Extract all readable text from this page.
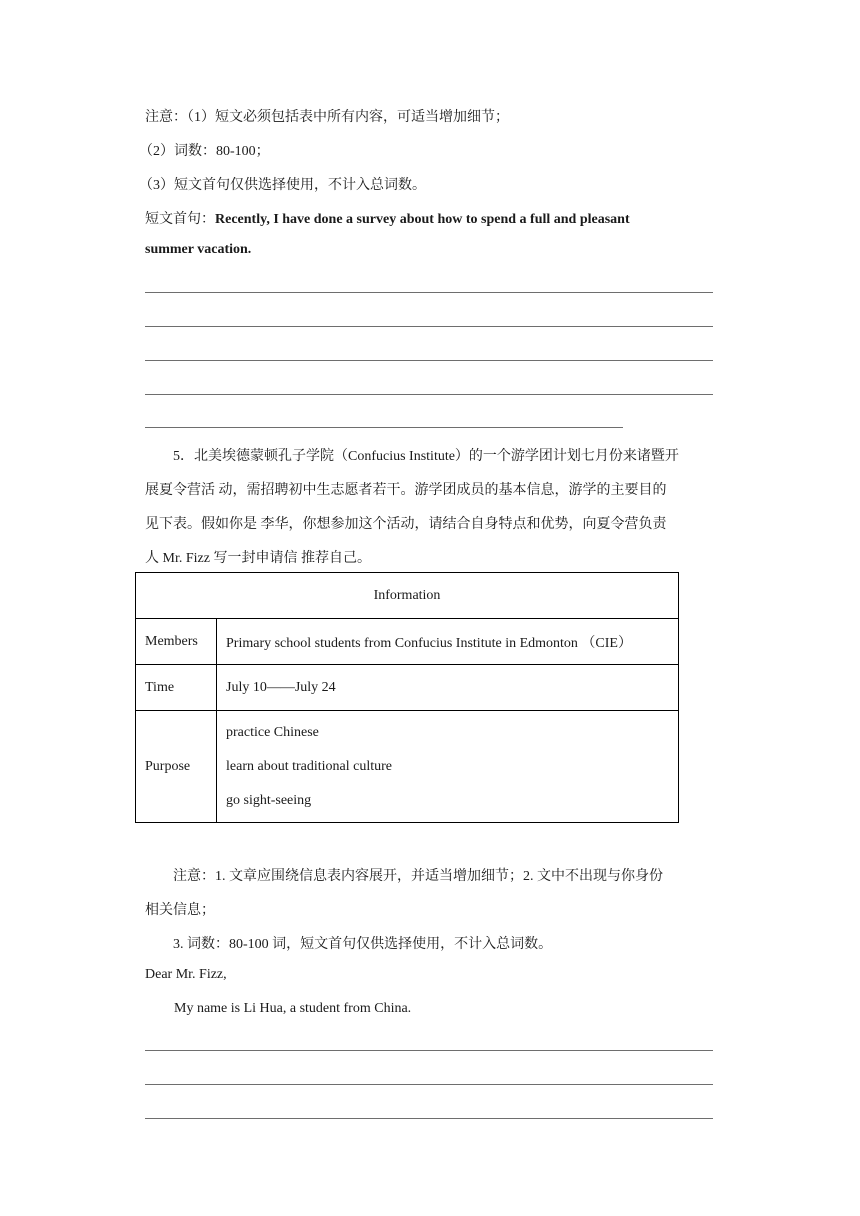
注意：（1）短文必须包括表中所有内容，可适当增加细节；
（2）词数：80-100；
（3）短文首句仅供选择使用，不计入总词数。
短文首句：Recently, I have done a survey about how to spend a full and pleasant
summer vacation.
5．北美埃德蒙顿孔子学院（Confucius Institute）的一个游学团计划七月份来诸暨开
展夏令营活 动，需招聘初中生志愿者若干。游学团成员的基本信息，游学的主要目的
见下表。假如你是 李华，你想参加这个活动，请结合自身特点和优势，向夏令营负责
人 Mr. Fizz 写一封申请信 推荐自己。
Information	
Members	Primary school students from Confucius Institute in Edmonton （CIE）
Time	July 10——July 24
Purpose	practice Chinese
learn about traditional culture
go sight-seeing
注意：1. 文章应围绕信息表内容展开，并适当增加细节；2. 文中不出现与你身份
相关信息；
3. 词数：80-100 词，短文首句仅供选择使用，不计入总词数。
Dear Mr. Fizz,
My name is Li Hua, a student from China.
